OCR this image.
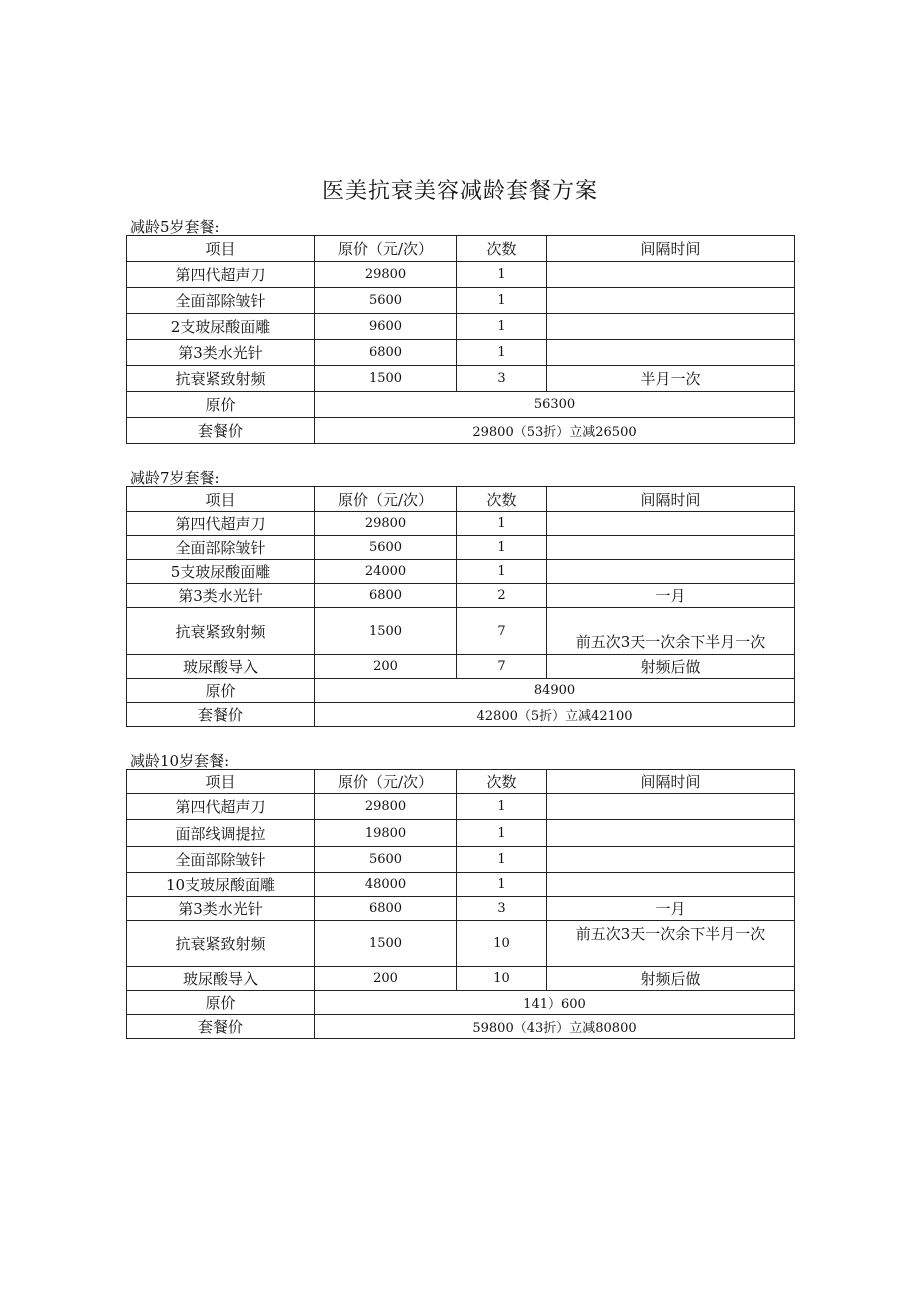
医美抗衰美容减龄套餐方案
减龄5岁套餐:
项目	原价（元/次）	次数	间隔时间
第四代超声刀	29800	1	
全面部除皱针	5600	1	
2支玻尿酸面雕	9600	1	
第3类水光针	6800	1	
抗衰紧致射频	1500	3	半月一次
原价	56300		
套餐价	29800（53折）立减26500		
减龄7岁套餐:
项目	原价（元/次）	次数	间隔时间
第四代超声刀	29800	1	
全面部除皱针	5600	1	
5支玻尿酸面雕	24000	1	
第3类水光针	6800	2	一月
抗衰紧致射频	1500	7	前五次3天一次余下半月一次
玻尿酸导入	200	7	射频后做
原价	84900		
套餐价	42800（5折）立减42100		
减龄10岁套餐:
项目	原价（元/次）	次数	间隔时间
第四代超声刀	29800	1	
面部线调提拉	19800	1	
全面部除皱针	5600	1	
10支玻尿酸面雕	48000	1	
第3类水光针	6800	3	一月
抗衰紧致射频	1500	10	前五次3天一次余下半月一次
玻尿酸导入	200	10	射频后做
原价	141）600		
套餐价	59800（43折）立减80800		
